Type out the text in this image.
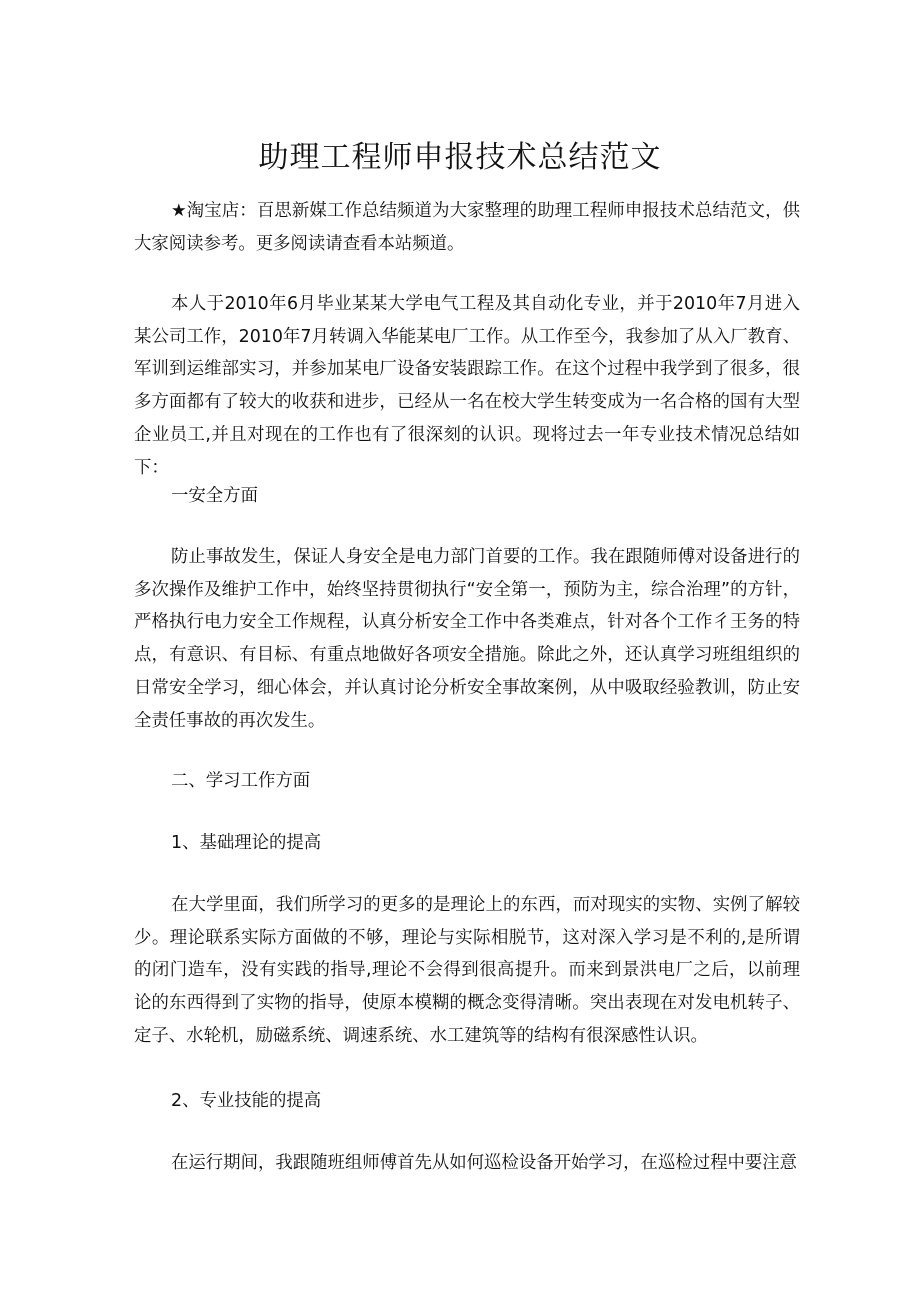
助理工程师申报技术总结范文

★淘宝店：百思新媒工作总结频道为大家整理的助理工程师申报技术总结范文，供大家阅读参考。更多阅读请查看本站频道。

本人于2010年6月毕业某某大学电气工程及其自动化专业，并于2010年7月进入某公司工作，2010年7月转调入华能某电厂工作。从工作至今，我参加了从入厂教育、军训到运维部实习，并参加某电厂设备安装跟踪工作。在这个过程中我学到了很多，很多方面都有了较大的收获和进步，已经从一名在校大学生转变成为一名合格的国有大型企业员工,并且对现在的工作也有了很深刻的认识。现将过去一年专业技术情况总结如下：

一安全方面

防止事故发生，保证人身安全是电力部门首要的工作。我在跟随师傅对设备进行的多次操作及维护工作中，始终坚持贯彻执行“安全第一，预防为主，综合治理”的方针，严格执行电力安全工作规程，认真分析安全工作中各类难点，针对各个工作彳王务的特点，有意识、有目标、有重点地做好各项安全措施。除此之外，还认真学习班组组织的日常安全学习，细心体会，并认真讨论分析安全事故案例，从中吸取经验教训，防止安全责任事故的再次发生。

二、学习工作方面

1、基础理论的提高

在大学里面，我们所学习的更多的是理论上的东西，而对现实的实物、实例了解较少。理论联系实际方面做的不够，理论与实际相脱节，这对深入学习是不利的,是所谓的闭门造车，没有实践的指导,理论不会得到很高提升。而来到景洪电厂之后，以前理论的东西得到了实物的指导，使原本模糊的概念变得清晰。突出表现在对发电机转子、定子、水轮机，励磁系统、调速系统、水工建筑等的结构有很深感性认识。

2、专业技能的提高

在运行期间，我跟随班组师傅首先从如何巡检设备开始学习，在巡检过程中要注意
